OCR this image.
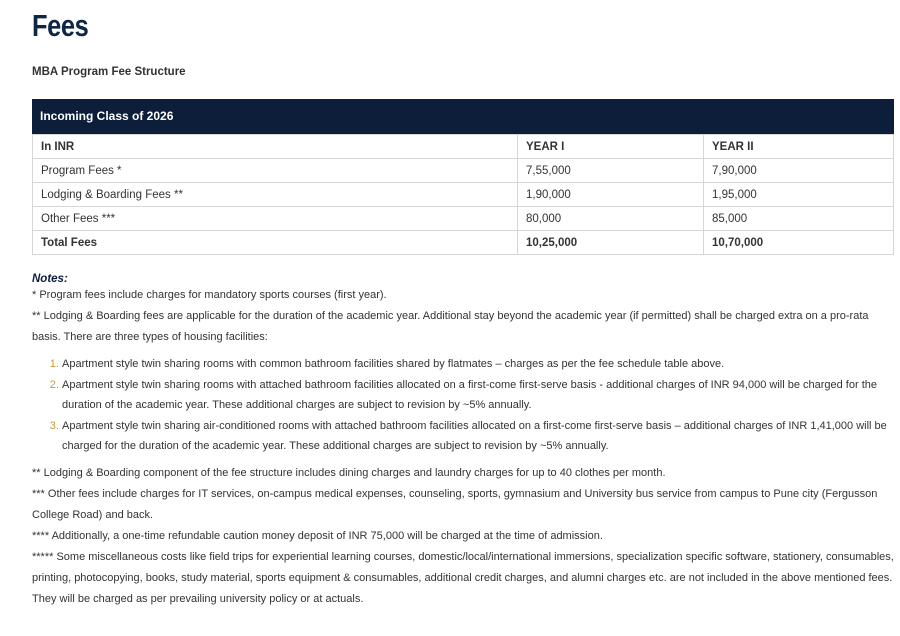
Fees
MBA Program Fee Structure
Incoming Class of 2026
In INR	YEAR I	YEAR II
Program Fees *	7,55,000	7,90,000
Lodging & Boarding Fees **	1,90,000	1,95,000
Other Fees ***	80,000	85,000
Total Fees	10,25,000	10,70,000
Notes:

* Program fees include charges for mandatory sports courses (first year).

** Lodging & Boarding fees are applicable for the duration of the academic year. Additional stay beyond the academic year (if permitted) shall be charged extra on a pro-rata basis. There are three types of housing facilities:

1. Apartment style twin sharing rooms with common bathroom facilities shared by flatmates – charges as per the fee schedule table above.
2. Apartment style twin sharing rooms with attached bathroom facilities allocated on a first-come first-serve basis - additional charges of INR 94,000 will be charged for the duration of the academic year. These additional charges are subject to revision by ~5% annually.
3. Apartment style twin sharing air-conditioned rooms with attached bathroom facilities allocated on a first-come first-serve basis – additional charges of INR 1,41,000 will be charged for the duration of the academic year. These additional charges are subject to revision by ~5% annually.

** Lodging & Boarding component of the fee structure includes dining charges and laundry charges for up to 40 clothes per month.

*** Other fees include charges for IT services, on-campus medical expenses, counseling, sports, gymnasium and University bus service from campus to Pune city (Fergusson College Road) and back.

**** Additionally, a one-time refundable caution money deposit of INR 75,000 will be charged at the time of admission.

***** Some miscellaneous costs like field trips for experiential learning courses, domestic/local/international immersions, specialization specific software, stationery, consumables, printing, photocopying, books, study material, sports equipment & consumables, additional credit charges, and alumni charges etc. are not included in the above mentioned fees. They will be charged as per prevailing university policy or at actuals.
